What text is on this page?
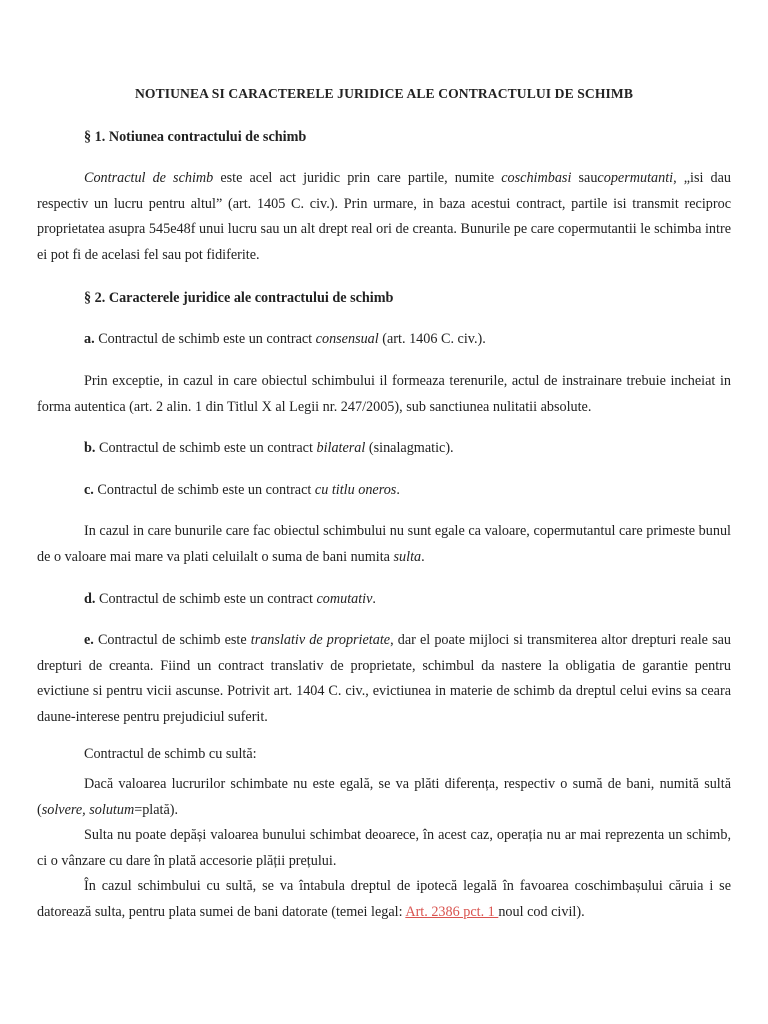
NOTIUNEA SI CARACTERELE JURIDICE ALE CONTRACTULUI DE SCHIMB
§ 1. Notiunea contractului de schimb

Contractul de schimb este acel act juridic prin care partile, numite coschimbasi saucopermutanti, „isi dau respectiv un lucru pentru altul” (art. 1405 C. civ.). Prin urmare, in baza acestui contract, partile isi transmit reciproc proprietatea asupra 545e48f unui lucru sau un alt drept real ori de creanta. Bunurile pe care copermutantii le schimba intre ei pot fi de acelasi fel sau pot fidiferite.

§ 2. Caracterele juridice ale contractului de schimb

a. Contractul de schimb este un contract consensual (art. 1406 C. civ.).

Prin exceptie, in cazul in care obiectul schimbului il formeaza terenurile, actul de instrainare trebuie incheiat in forma autentica (art. 2 alin. 1 din Titlul X al Legii nr. 247/2005), sub sanctiunea nulitatii absolute.

b. Contractul de schimb este un contract bilateral (sinalagmatic).

c. Contractul de schimb este un contract cu titlu oneros.

In cazul in care bunurile care fac obiectul schimbului nu sunt egale ca valoare, copermutantul care primeste bunul de o valoare mai mare va plati celuilalt o suma de bani numita sulta.

d. Contractul de schimb este un contract comutativ.

e. Contractul de schimb este translativ de proprietate, dar el poate mijloci si transmiterea altor drepturi reale sau drepturi de creanta. Fiind un contract translativ de proprietate, schimbul da nastere la obligatia de garantie pentru evictiune si pentru vicii ascunse. Potrivit art. 1404 C. civ., evictiunea in materie de schimb da dreptul celui evins sa ceara daune-interese pentru prejudiciul suferit.

Contractul de schimb cu sultă:

Dacă valoarea lucrurilor schimbate nu este egală, se va plăti diferența, respectiv o sumă de bani, numită sultă (solvere, solutum=plată).

Sulta nu poate depăși valoarea bunului schimbat deoarece, în acest caz, operația nu ar mai reprezenta un schimb, ci o vânzare cu dare în plată accesorie plății prețului.

În cazul schimbului cu sultă, se va întabula dreptul de ipotecă legală în favoarea coschimbașului căruia i se datorează sulta, pentru plata sumei de bani datorate (temei legal: Art. 2386 pct. 1 noul cod civil).
